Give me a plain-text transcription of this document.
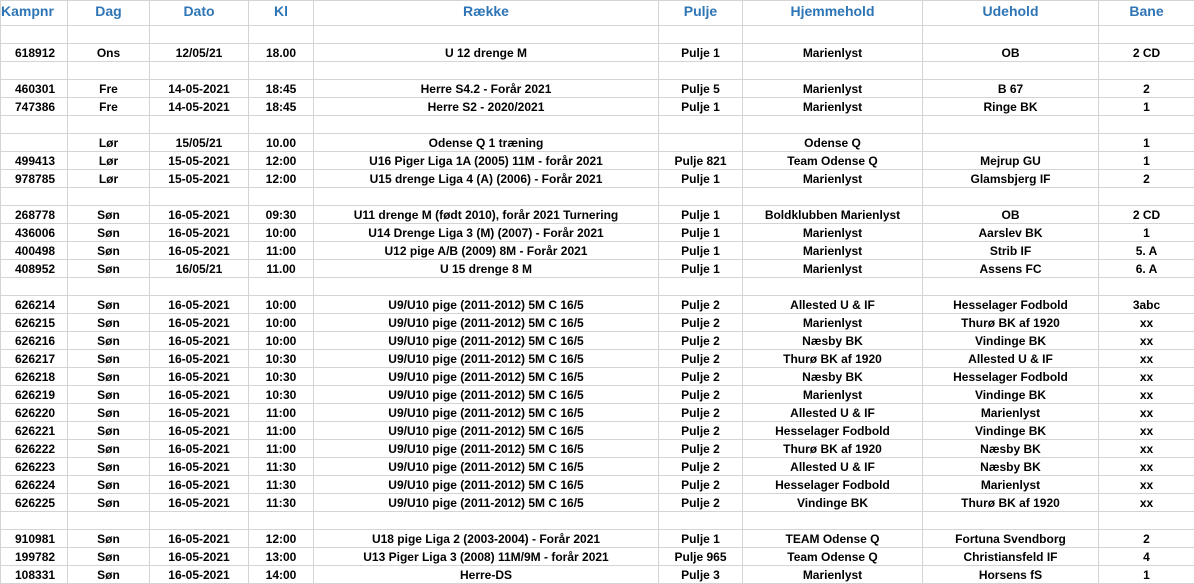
Kampnr	Dag	Dato	Kl	Række	Pulje	Hjemmehold	Udehold	Bane

618912	Ons	12/05/21	18.00	U 12 drenge M	Pulje 1	Marienlyst	OB	2 CD

460301	Fre	14-05-2021	18:45	Herre S4.2 - Forår 2021	Pulje 5	Marienlyst	B 67	2
747386	Fre	14-05-2021	18:45	Herre S2 - 2020/2021	Pulje 1	Marienlyst	Ringe BK	1

	Lør	15/05/21	10.00	Odense Q 1 træning		Odense Q		1
499413	Lør	15-05-2021	12:00	U16 Piger Liga 1A (2005) 11M - forår 2021	Pulje 821	Team Odense Q	Mejrup GU	1
978785	Lør	15-05-2021	12:00	U15 drenge Liga 4 (A) (2006) - Forår 2021	Pulje 1	Marienlyst	Glamsbjerg IF	2

268778	Søn	16-05-2021	09:30	U11 drenge M (født 2010), forår 2021 Turnering	Pulje 1	Boldklubben Marienlyst	OB	2 CD
436006	Søn	16-05-2021	10:00	U14 Drenge Liga 3 (M) (2007) - Forår 2021	Pulje 1	Marienlyst	Aarslev BK	1
400498	Søn	16-05-2021	11:00	U12 pige A/B (2009) 8M - Forår 2021	Pulje 1	Marienlyst	Strib IF	5. A
408952	Søn	16/05/21	11.00	U 15 drenge 8 M	Pulje 1	Marienlyst	Assens FC	6. A

626214	Søn	16-05-2021	10:00	U9/U10 pige (2011-2012) 5M C 16/5	Pulje 2	Allested U & IF	Hesselager Fodbold	3abc
626215	Søn	16-05-2021	10:00	U9/U10 pige (2011-2012) 5M C 16/5	Pulje 2	Marienlyst	Thurø BK af 1920	xx
626216	Søn	16-05-2021	10:00	U9/U10 pige (2011-2012) 5M C 16/5	Pulje 2	Næsby BK	Vindinge BK	xx
626217	Søn	16-05-2021	10:30	U9/U10 pige (2011-2012) 5M C 16/5	Pulje 2	Thurø BK af 1920	Allested U & IF	xx
626218	Søn	16-05-2021	10:30	U9/U10 pige (2011-2012) 5M C 16/5	Pulje 2	Næsby BK	Hesselager Fodbold	xx
626219	Søn	16-05-2021	10:30	U9/U10 pige (2011-2012) 5M C 16/5	Pulje 2	Marienlyst	Vindinge BK	xx
626220	Søn	16-05-2021	11:00	U9/U10 pige (2011-2012) 5M C 16/5	Pulje 2	Allested U & IF	Marienlyst	xx
626221	Søn	16-05-2021	11:00	U9/U10 pige (2011-2012) 5M C 16/5	Pulje 2	Hesselager Fodbold	Vindinge BK	xx
626222	Søn	16-05-2021	11:00	U9/U10 pige (2011-2012) 5M C 16/5	Pulje 2	Thurø BK af 1920	Næsby BK	xx
626223	Søn	16-05-2021	11:30	U9/U10 pige (2011-2012) 5M C 16/5	Pulje 2	Allested U & IF	Næsby BK	xx
626224	Søn	16-05-2021	11:30	U9/U10 pige (2011-2012) 5M C 16/5	Pulje 2	Hesselager Fodbold	Marienlyst	xx
626225	Søn	16-05-2021	11:30	U9/U10 pige (2011-2012) 5M C 16/5	Pulje 2	Vindinge BK	Thurø BK af 1920	xx

910981	Søn	16-05-2021	12:00	U18 pige Liga 2 (2003-2004) - Forår 2021	Pulje 1	TEAM Odense Q	Fortuna Svendborg	2
199782	Søn	16-05-2021	13:00	U13 Piger Liga 3 (2008) 11M/9M - forår 2021	Pulje 965	Team Odense Q	Christiansfeld IF	4
108331	Søn	16-05-2021	14:00	Herre-DS	Pulje 3	Marienlyst	Horsens fS	1
